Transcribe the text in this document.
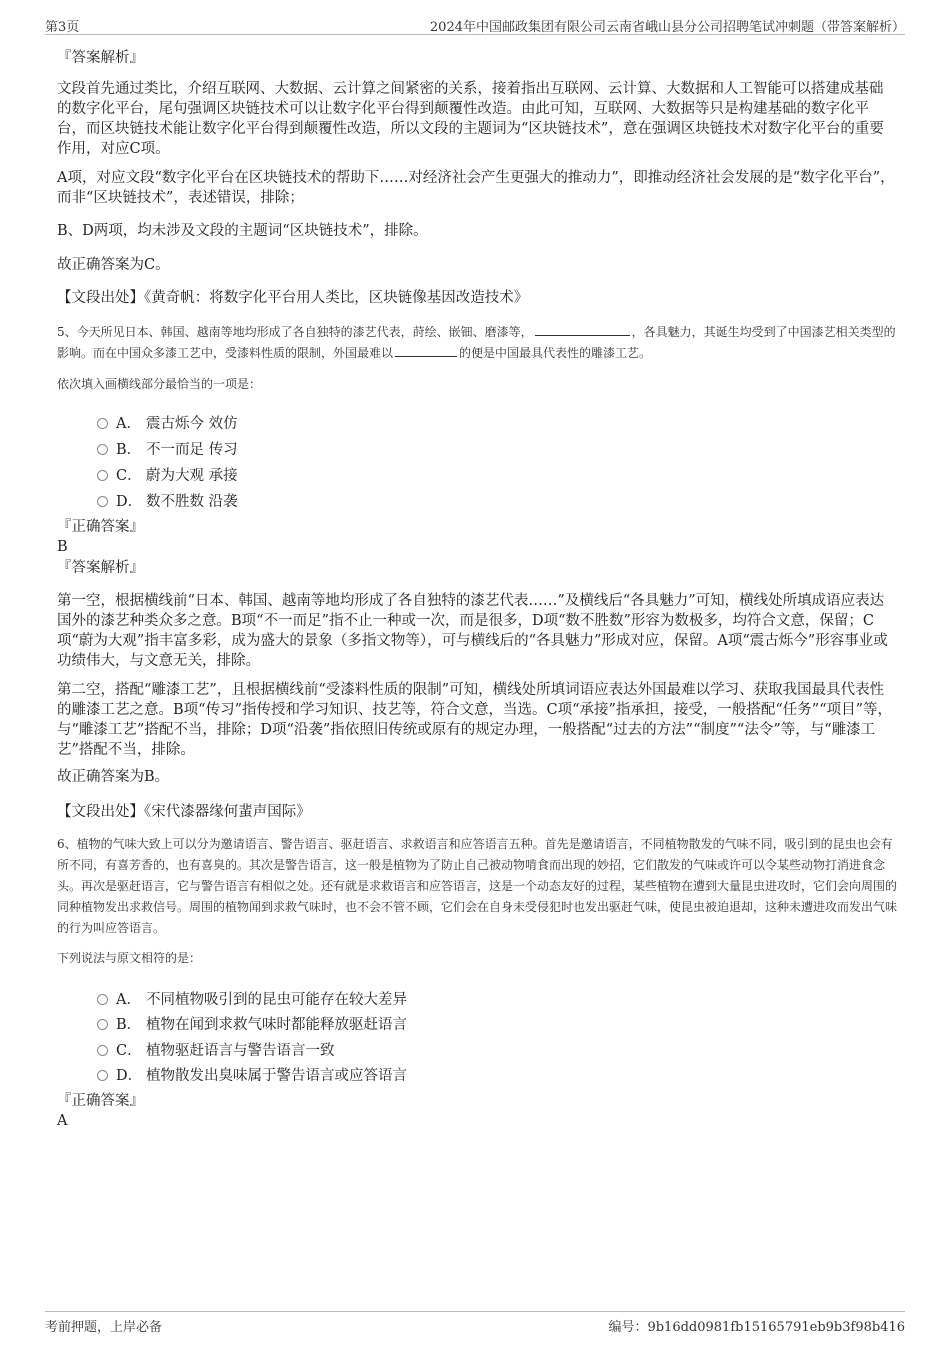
第3页	2024年中国邮政集团有限公司云南省峨山县分公司招聘笔试冲刺题（带答案解析）
『答案解析』
文段首先通过类比，介绍互联网、大数据、云计算之间紧密的关系，接着指出互联网、云计算、大数据和人工智能可以搭建成基础的数字化平台，尾句强调区块链技术可以让数字化平台得到颠覆性改造。由此可知，互联网、大数据等只是构建基础的数字化平台，而区块链技术能让数字化平台得到颠覆性改造，所以文段的主题词为“区块链技术”，意在强调区块链技术对数字化平台的重要作用，对应C项。
A项，对应文段“数字化平台在区块链技术的帮助下……对经济社会产生更强大的推动力”，即推动经济社会发展的是“数字化平台”，而非“区块链技术”，表述错误，排除；
B、D两项，均未涉及文段的主题词“区块链技术”，排除。
故正确答案为C。
【文段出处】《黄奇帆：将数字化平台用人类比，区块链像基因改造技术》
5、今天所见日本、韩国、越南等地均形成了各自独特的漆艺代表，莳绘、嵌钿、磨漆等，	，各具魅力，其诞生均受到了中国漆艺相关类型的影响。而在中国众多漆工艺中，受漆料性质的限制，外国最难以	的便是中国最具代表性的雕漆工艺。
依次填入画横线部分最恰当的一项是：
A． 震古烁今 效仿
B． 不一而足 传习
C． 蔚为大观 承接
D． 数不胜数 沿袭
『正确答案』
B
『答案解析』
第一空，根据横线前“日本、韩国、越南等地均形成了各自独特的漆艺代表……”及横线后“各具魅力”可知，横线处所填成语应表达国外的漆艺种类众多之意。B项“不一而足”指不止一种或一次，而是很多，D项“数不胜数”形容为数极多，均符合文意，保留；C项“蔚为大观”指丰富多彩，成为盛大的景象（多指文物等），可与横线后的“各具魅力”形成对应，保留。A项“震古烁今”形容事业或功绩伟大，与文意无关，排除。
第二空，搭配“雕漆工艺”，且根据横线前“受漆料性质的限制”可知，横线处所填词语应表达外国最难以学习、获取我国最具代表性的雕漆工艺之意。B项“传习”指传授和学习知识、技艺等，符合文意，当选。C项“承接”指承担，接受，一般搭配“任务”“项目”等，与“雕漆工艺”搭配不当，排除；D项“沿袭”指依照旧传统或原有的规定办理，一般搭配“过去的方法”“制度”“法令”等，与“雕漆工艺”搭配不当，排除。
故正确答案为B。
【文段出处】《宋代漆器缘何蜚声国际》
6、植物的气味大致上可以分为邀请语言、警告语言、驱赶语言、求救语言和应答语言五种。首先是邀请语言，不同植物散发的气味不同，吸引到的昆虫也会有所不同，有喜芳香的，也有喜臭的。其次是警告语言，这一般是植物为了防止自己被动物啃食而出现的妙招，它们散发的气味或许可以令某些动物打消进食念头。再次是驱赶语言，它与警告语言有相似之处。还有就是求救语言和应答语言，这是一个动态友好的过程，某些植物在遭到大量昆虫进攻时，它们会向周围的同种植物发出求救信号。周围的植物闻到求救气味时，也不会不管不顾，它们会在自身未受侵犯时也发出驱赶气味，使昆虫被迫退却，这种未遭进攻而发出气味的行为叫应答语言。
下列说法与原文相符的是：
A． 不同植物吸引到的昆虫可能存在较大差异
B． 植物在闻到求救气味时都能释放驱赶语言
C． 植物驱赶语言与警告语言一致
D． 植物散发出臭味属于警告语言或应答语言
『正确答案』
A
考前押题，上岸必备	编号：9b16dd0981fb15165791eb9b3f98b416
